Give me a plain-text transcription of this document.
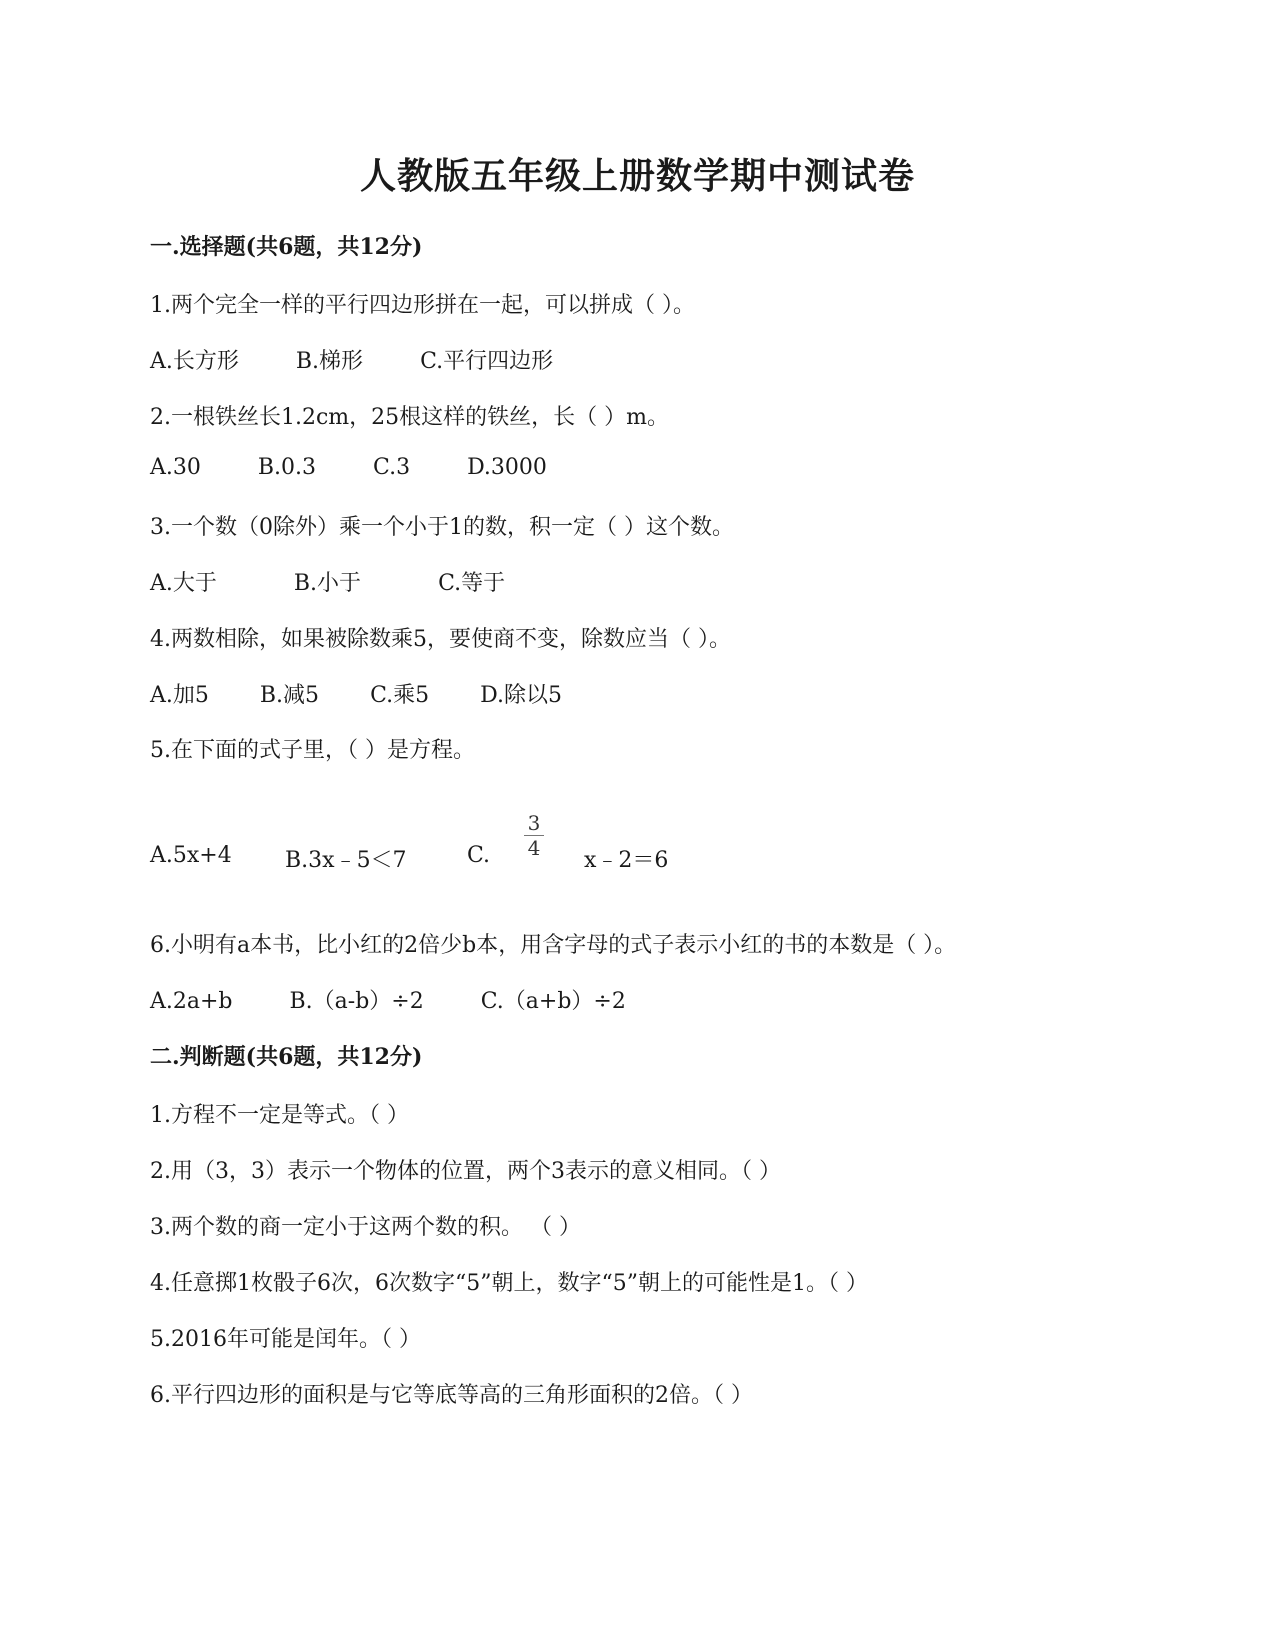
人教版五年级上册数学期中测试卷
一.选择题(共6题，共12分)
1.两个完全一样的平行四边形拼在一起，可以拼成（ ）。
A.长方形	B.梯形	C.平行四边形
2.一根铁丝长1.2cm，25根这样的铁丝，长（ ）m。
A.30	B.0.3	C.3	D.3000
3.一个数（0除外）乘一个小于1的数，积一定（ ）这个数。
A.大于	B.小于	C.等于
4.两数相除，如果被除数乘5，要使商不变，除数应当（ ）。
A.加5 B.减5 C.乘5 D.除以5
5.在下面的式子里，（ ）是方程。
A.5x+4 B.3x﹣5＜7	C.
3
4 x﹣2＝6
6.小明有a本书，比小红的2倍少b本，用含字母的式子表示小红的书的本数是（ ）。
A.2a+b	B.（a-b）÷2	C.（a+b）÷2
二.判断题(共6题，共12分)
1.方程不一定是等式。（ ）
2.用（3，3）表示一个物体的位置，两个3表示的意义相同。（ ）
3.两个数的商一定小于这两个数的积。 （ ）
4.任意掷1枚骰子6次，6次数字“5”朝上，数字“5”朝上的可能性是1。（ ）
5.2016年可能是闰年。（ ）
6.平行四边形的面积是与它等底等高的三角形面积的2倍。（ ）
